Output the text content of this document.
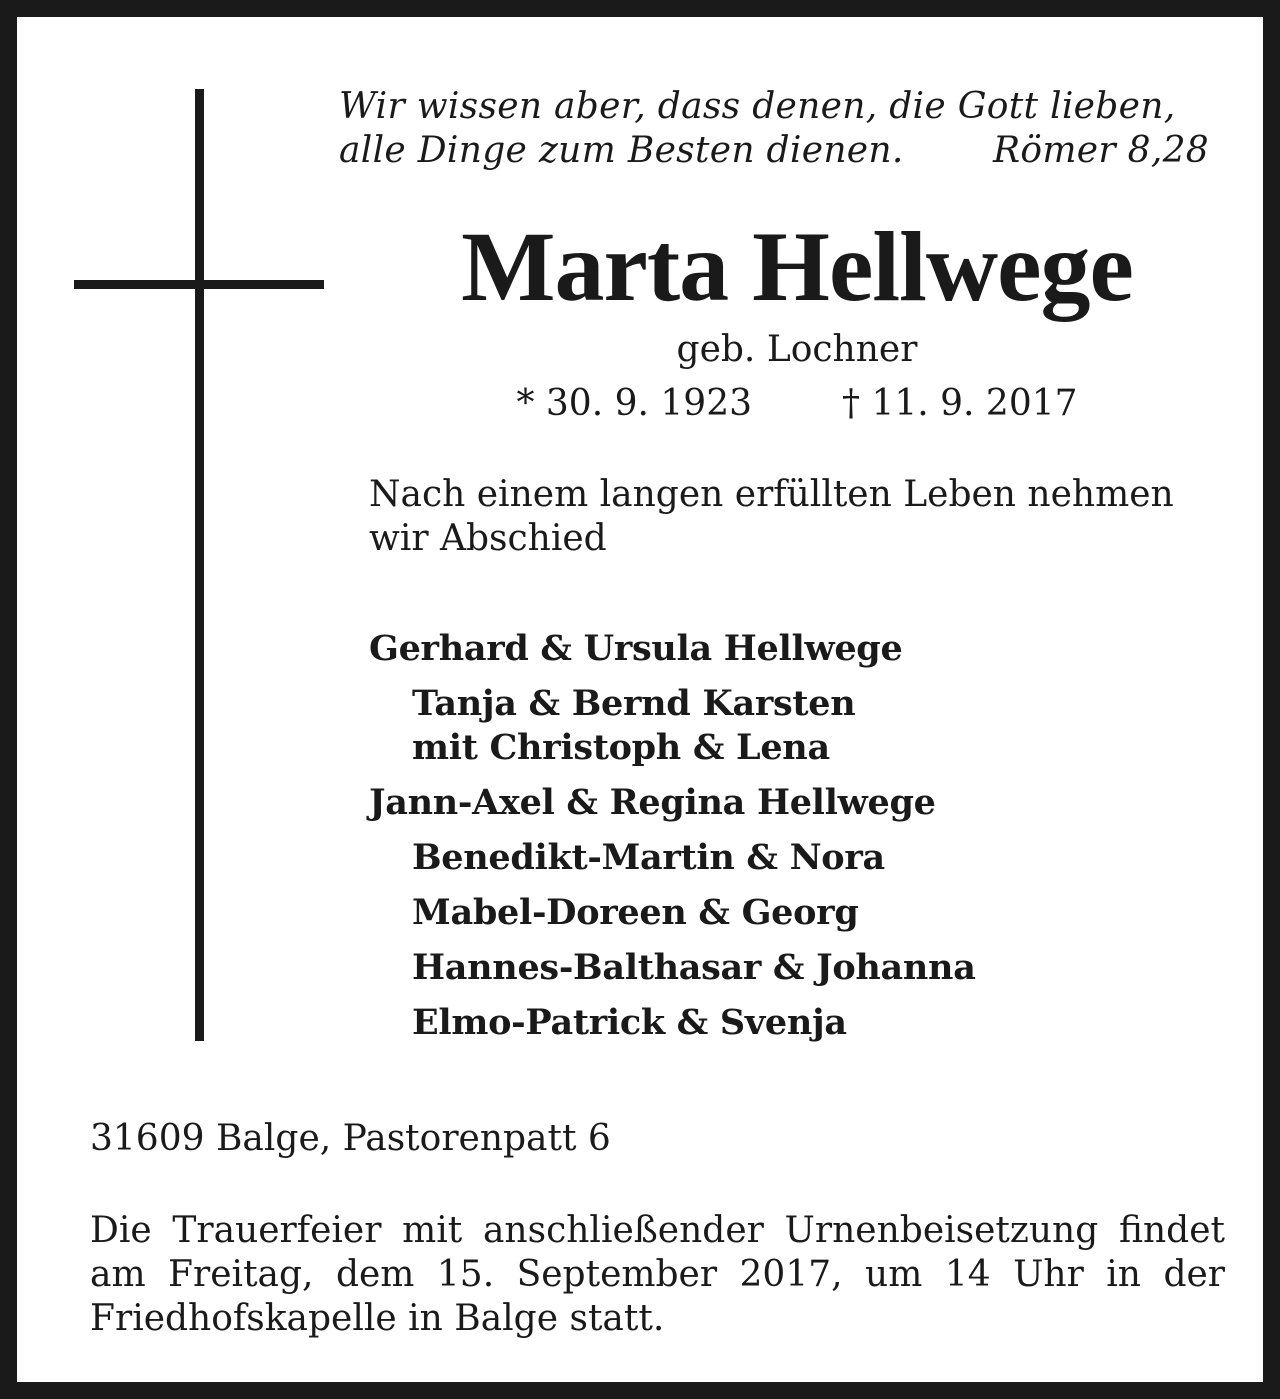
Wir wissen aber, dass denen, die Gott lieben,
alle Dinge zum Besten dienen. Römer 8,28
Marta Hellwege
geb. Lochner
* 30. 9. 1923	† 11. 9. 2017
Nach einem langen erfüllten Leben nehmen
wir Abschied
Gerhard & Ursula Hellwege
Tanja & Bernd Karsten
mit Christoph & Lena
Jann-Axel & Regina Hellwege
Benedikt-Martin & Nora
Mabel-Doreen & Georg
Hannes-Balthasar & Johanna
Elmo-Patrick & Svenja
31609 Balge, Pastorenpatt 6
Die Trauerfeier mit anschließender Urnenbeisetzung findet am Freitag, dem 15. September 2017, um 14 Uhr in der Friedhofskapelle in Balge statt.
